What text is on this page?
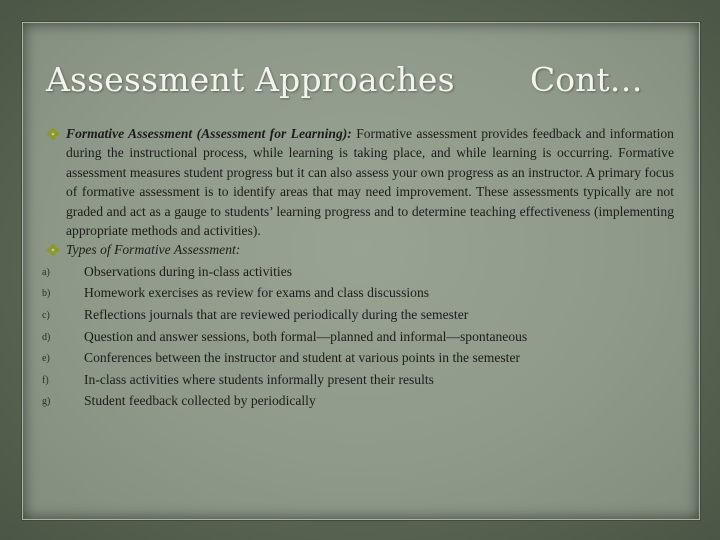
Assessment Approaches Cont…
Formative Assessment (Assessment for Learning): Formative assessment provides feedback and information during the instructional process, while learning is taking place, and while learning is occurring. Formative assessment measures student progress but it can also assess your own progress as an instructor. A primary focus of formative assessment is to identify areas that may need improvement. These assessments typically are not graded and act as a gauge to students’ learning progress and to determine teaching effectiveness (implementing appropriate methods and activities).
Types of Formative Assessment:
a)	Observations during in-class activities
b) Homework exercises as review for exams and class discussions
c)	Reflections journals that are reviewed periodically during the semester
d) Question and answer sessions, both formal—planned and informal—spontaneous
e)	Conferences between the instructor and student at various points in the semester
f)	In-class activities where students informally present their results
g) Student feedback collected by periodically
